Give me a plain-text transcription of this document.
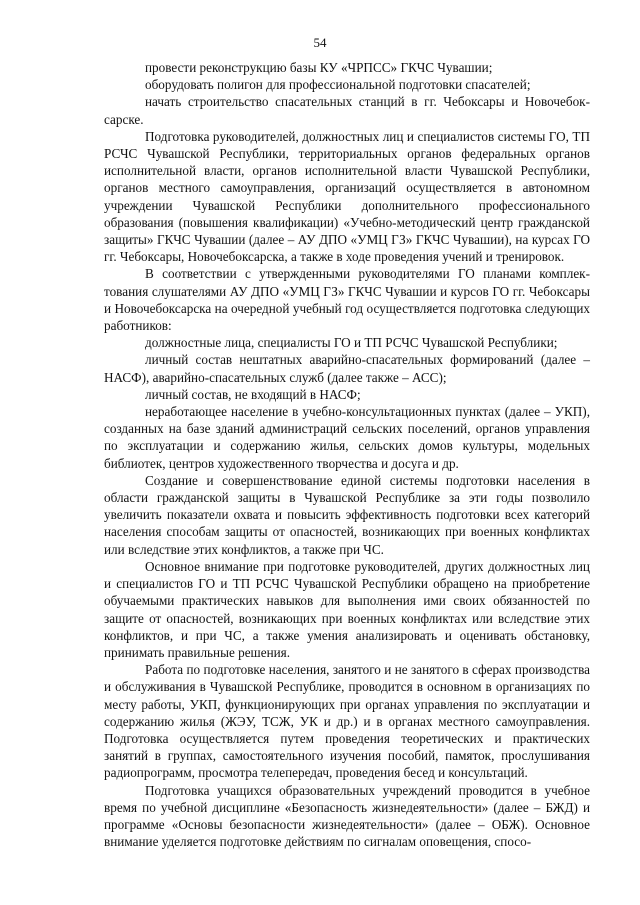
54

провести реконструкцию базы КУ «ЧРПСС» ГКЧС Чувашии;

оборудовать полигон для профессиональной подготовки спасателей;

начать строительство спасательных станций в гг. Чебоксары и Новочебоксарске.

Подготовка руководителей, должностных лиц и специалистов системы ГО, ТП РСЧС Чувашской Республики, территориальных органов федеральных органов исполнительной власти, органов исполнительной власти Чувашской Республики, органов местного самоуправления, организаций осуществляется в автономном учреждении Чувашской Республики дополнительного профессионального образования (повышения квалификации) «Учебно-методический центр гражданской защиты» ГКЧС Чувашии (далее – АУ ДПО «УМЦ ГЗ» ГКЧС Чувашии), на курсах ГО гг. Чебоксары, Новочебоксарска, а также в ходе проведения учений и тренировок.

В соответствии с утвержденными руководителями ГО планами комплектования слушателями АУ ДПО «УМЦ ГЗ» ГКЧС Чувашии и курсов ГО гг. Чебоксары и Новочебоксарска на очередной учебный год осуществляется подготовка следующих работников:

должностные лица, специалисты ГО и ТП РСЧС Чувашской Республики;

личный состав нештатных аварийно-спасательных формирований (далее – НАСФ), аварийно-спасательных служб (далее также – АСС);

личный состав, не входящий в НАСФ;

неработающее население в учебно-консультационных пунктах (далее – УКП), созданных на базе зданий администраций сельских поселений, органов управления по эксплуатации и содержанию жилья, сельских домов культуры, модельных библиотек, центров художественного творчества и досуга и др.

Создание и совершенствование единой системы подготовки населения в области гражданской защиты в Чувашской Республике за эти годы позволило увеличить показатели охвата и повысить эффективность подготовки всех категорий населения способам защиты от опасностей, возникающих при военных конфликтах или вследствие этих конфликтов, а также при ЧС.

Основное внимание при подготовке руководителей, других должностных лиц и специалистов ГО и ТП РСЧС Чувашской Республики обращено на приобретение обучаемыми практических навыков для выполнения ими своих обязанностей по защите от опасностей, возникающих при военных конфликтах или вследствие этих конфликтов, и при ЧС, а также умения анализировать и оценивать обстановку, принимать правильные решения.

Работа по подготовке населения, занятого и не занятого в сферах производства и обслуживания в Чувашской Республике, проводится в основном в организациях по месту работы, УКП, функционирующих при органах управления по эксплуатации и содержанию жилья (ЖЭУ, ТСЖ, УК и др.) и в органах местного самоуправления. Подготовка осуществляется путем проведения теоретических и практических занятий в группах, самостоятельного изучения пособий, памяток, прослушивания радиопрограмм, просмотра телепередач, проведения бесед и консультаций.

Подготовка учащихся образовательных учреждений проводится в учебное время по учебной дисциплине «Безопасность жизнедеятельности» (далее – БЖД) и программе «Основы безопасности жизнедеятельности» (далее – ОБЖ). Основное внимание уделяется подготовке действиям по сигналам оповещения, спосо-
